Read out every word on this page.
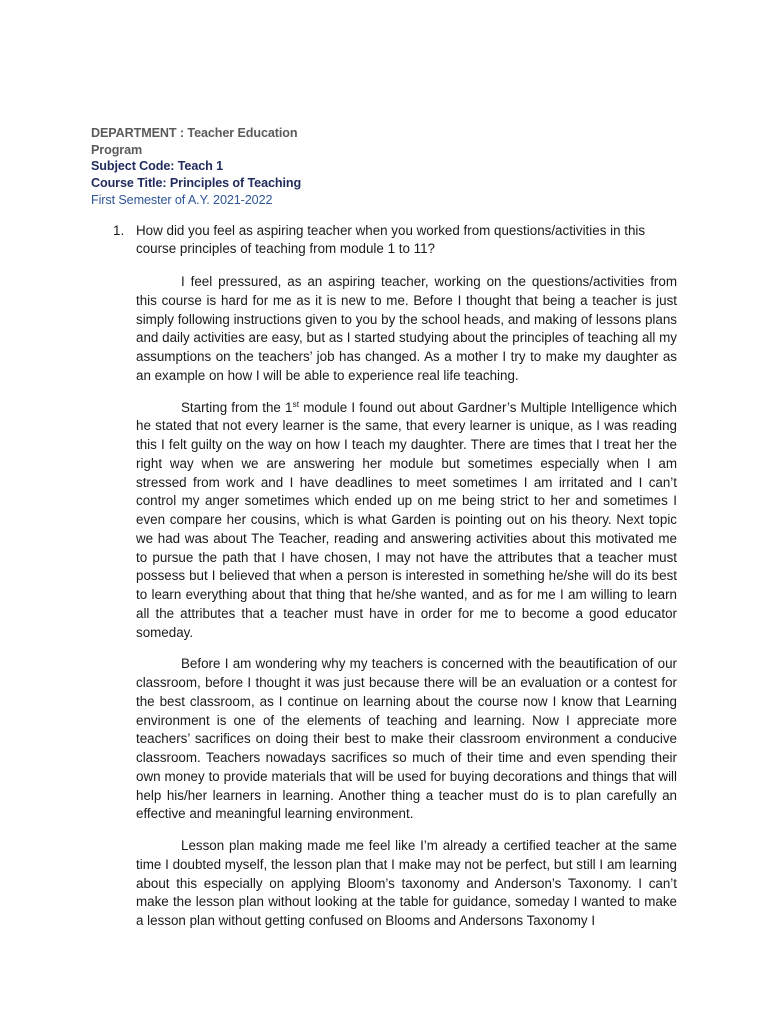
DEPARTMENT : Teacher Education Program
Subject Code: Teach 1
Course Title: Principles of Teaching
First Semester of A.Y. 2021-2022
1. How did you feel as aspiring teacher when you worked from questions/activities in this course principles of teaching from module 1 to 11?

I feel pressured, as an aspiring teacher, working on the questions/activities from this course is hard for me as it is new to me. Before I thought that being a teacher is just simply following instructions given to you by the school heads, and making of lessons plans and daily activities are easy, but as I started studying about the principles of teaching all my assumptions on the teachers’ job has changed. As a mother I try to make my daughter as an example on how I will be able to experience real life teaching.

Starting from the 1st module I found out about Gardner’s Multiple Intelligence which he stated that not every learner is the same, that every learner is unique, as I was reading this I felt guilty on the way on how I teach my daughter. There are times that I treat her the right way when we are answering her module but sometimes especially when I am stressed from work and I have deadlines to meet sometimes I am irritated and I can’t control my anger sometimes which ended up on me being strict to her and sometimes I even compare her cousins, which is what Garden is pointing out on his theory. Next topic we had was about The Teacher, reading and answering activities about this motivated me to pursue the path that I have chosen, I may not have the attributes that a teacher must possess but I believed that when a person is interested in something he/she will do its best to learn everything about that thing that he/she wanted, and as for me I am willing to learn all the attributes that a teacher must have in order for me to become a good educator someday.

Before I am wondering why my teachers is concerned with the beautification of our classroom, before I thought it was just because there will be an evaluation or a contest for the best classroom, as I continue on learning about the course now I know that Learning environment is one of the elements of teaching and learning. Now I appreciate more teachers’ sacrifices on doing their best to make their classroom environment a conducive classroom. Teachers nowadays sacrifices so much of their time and even spending their own money to provide materials that will be used for buying decorations and things that will help his/her learners in learning. Another thing a teacher must do is to plan carefully an effective and meaningful learning environment.

Lesson plan making made me feel like I’m already a certified teacher at the same time I doubted myself, the lesson plan that I make may not be perfect, but still I am learning about this especially on applying Bloom’s taxonomy and Anderson’s Taxonomy. I can’t make the lesson plan without looking at the table for guidance, someday I wanted to make a lesson plan without getting confused on Blooms and Andersons Taxonomy I
